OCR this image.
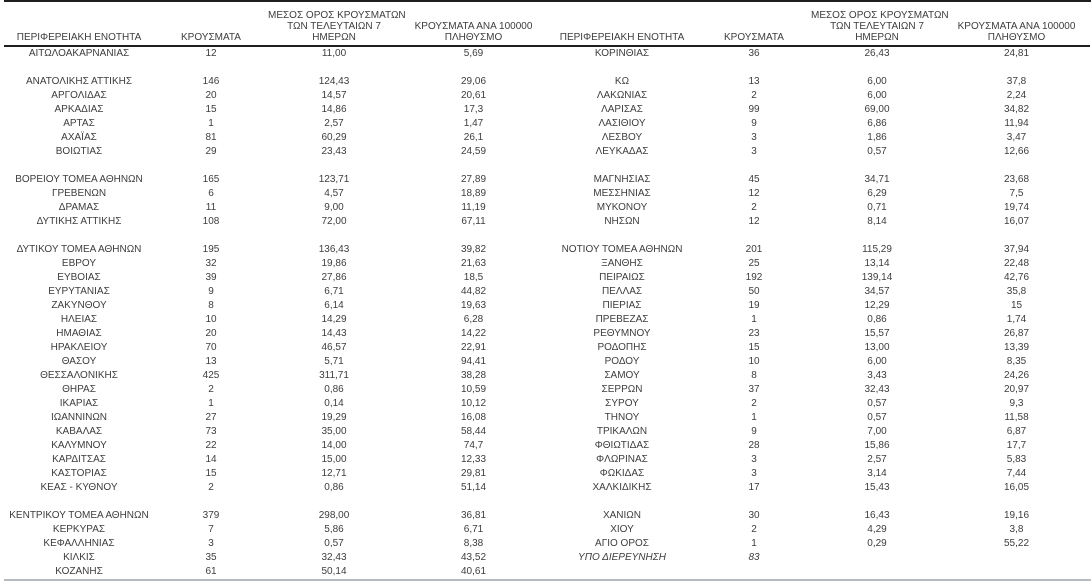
ΠΕΡΙΦΕΡΕΙΑΚΗ ΕΝΟΤΗΤΑ	ΚΡΟΥΣΜΑΤΑ	ΜΕΣΟΣ ΟΡΟΣ ΚΡΟΥΣΜΑΤΩΝ
ΤΩΝ ΤΕΛΕΥΤΑΙΩΝ 7
ΗΜΕΡΩΝ	ΚΡΟΥΣΜΑΤΑ ΑΝΑ 100000
ΠΛΗΘΥΣΜΟ

ΑΙΤΩΛΟΑΚΑΡΝΑΝΙΑΣ	12	11,00	5,69

ΑΝΑΤΟΛΙΚΗΣ ΑΤΤΙΚΗΣ	146	124,43	29,06
ΑΡΓΟΛΙΔΑΣ	20	14,57	20,61
ΑΡΚΑΔΙΑΣ	15	14,86	17,3
ΑΡΤΑΣ	1	2,57	1,47
ΑΧΑΪΑΣ	81	60,29	26,1
ΒΟΙΩΤΙΑΣ	29	23,43	24,59

ΒΟΡΕΙΟΥ ΤΟΜΕΑ ΑΘΗΝΩΝ	165	123,71	27,89
ΓΡΕΒΕΝΩΝ	6	4,57	18,89
ΔΡΑΜΑΣ	11	9,00	11,19
ΔΥΤΙΚΗΣ ΑΤΤΙΚΗΣ	108	72,00	67,11

ΔΥΤΙΚΟΥ ΤΟΜΕΑ ΑΘΗΝΩΝ	195	136,43	39,82
ΕΒΡΟΥ	32	19,86	21,63
ΕΥΒΟΙΑΣ	39	27,86	18,5
ΕΥΡΥΤΑΝΙΑΣ	9	6,71	44,82
ΖΑΚΥΝΘΟΥ	8	6,14	19,63
ΗΛΕΙΑΣ	10	14,29	6,28
ΗΜΑΘΙΑΣ	20	14,43	14,22
ΗΡΑΚΛΕΙΟΥ	70	46,57	22,91
ΘΑΣΟΥ	13	5,71	94,41
ΘΕΣΣΑΛΟΝΙΚΗΣ	425	311,71	38,28
ΘΗΡΑΣ	2	0,86	10,59
ΙΚΑΡΙΑΣ	1	0,14	10,12
ΙΩΑΝΝΙΝΩΝ	27	19,29	16,08
ΚΑΒΑΛΑΣ	73	35,00	58,44
ΚΑΛΥΜΝΟΥ	22	14,00	74,7
ΚΑΡΔΙΤΣΑΣ	14	15,00	12,33
ΚΑΣΤΟΡΙΑΣ	15	12,71	29,81
ΚΕΑΣ - ΚΥΘΝΟΥ	2	0,86	51,14

ΚΕΝΤΡΙΚΟΥ ΤΟΜΕΑ ΑΘΗΝΩΝ	379	298,00	36,81
ΚΕΡΚΥΡΑΣ	7	5,86	6,71
ΚΕΦΑΛΛΗΝΙΑΣ	3	0,57	8,38
ΚΙΛΚΙΣ	35	32,43	43,52
ΚΟΖΑΝΗΣ	61	50,14	40,61
ΠΕΡΙΦΕΡΕΙΑΚΗ ΕΝΟΤΗΤΑ	ΚΡΟΥΣΜΑΤΑ	ΜΕΣΟΣ ΟΡΟΣ ΚΡΟΥΣΜΑΤΩΝ
ΤΩΝ ΤΕΛΕΥΤΑΙΩΝ 7
ΗΜΕΡΩΝ	ΚΡΟΥΣΜΑΤΑ ΑΝΑ 100000
ΠΛΗΘΥΣΜΟ

ΚΟΡΙΝΘΙΑΣ	36	26,43	24,81

ΚΩ	13	6,00	37,8
ΛΑΚΩΝΙΑΣ	2	6,00	2,24
ΛΑΡΙΣΑΣ	99	69,00	34,82
ΛΑΣΙΘΙΟΥ	9	6,86	11,94
ΛΕΣΒΟΥ	3	1,86	3,47
ΛΕΥΚΑΔΑΣ	3	0,57	12,66

ΜΑΓΝΗΣΙΑΣ	45	34,71	23,68
ΜΕΣΣΗΝΙΑΣ	12	6,29	7,5
ΜΥΚΟΝΟΥ	2	0,71	19,74
ΝΗΣΩΝ	12	8,14	16,07

ΝΟΤΙΟΥ ΤΟΜΕΑ ΑΘΗΝΩΝ	201	115,29	37,94
ΞΑΝΘΗΣ	25	13,14	22,48
ΠΕΙΡΑΙΩΣ	192	139,14	42,76
ΠΕΛΛΑΣ	50	34,57	35,8
ΠΙΕΡΙΑΣ	19	12,29	15
ΠΡΕΒΕΖΑΣ	1	0,86	1,74
ΡΕΘΥΜΝΟΥ	23	15,57	26,87
ΡΟΔΟΠΗΣ	15	13,00	13,39
ΡΟΔΟΥ	10	6,00	8,35
ΣΑΜΟΥ	8	3,43	24,26
ΣΕΡΡΩΝ	37	32,43	20,97
ΣΥΡΟΥ	2	0,57	9,3
ΤΗΝΟΥ	1	0,57	11,58
ΤΡΙΚΑΛΩΝ	9	7,00	6,87
ΦΘΙΩΤΙΔΑΣ	28	15,86	17,7
ΦΛΩΡΙΝΑΣ	3	2,57	5,83
ΦΩΚΙΔΑΣ	3	3,14	7,44
ΧΑΛΚΙΔΙΚΗΣ	17	15,43	16,05

ΧΑΝΙΩΝ	30	16,43	19,16
ΧΙΟΥ	2	4,29	3,8
ΑΓΙΟ ΟΡΟΣ	1	0,29	55,22
ΥΠΟ ΔΙΕΡΕΥΝΗΣΗ	83		
